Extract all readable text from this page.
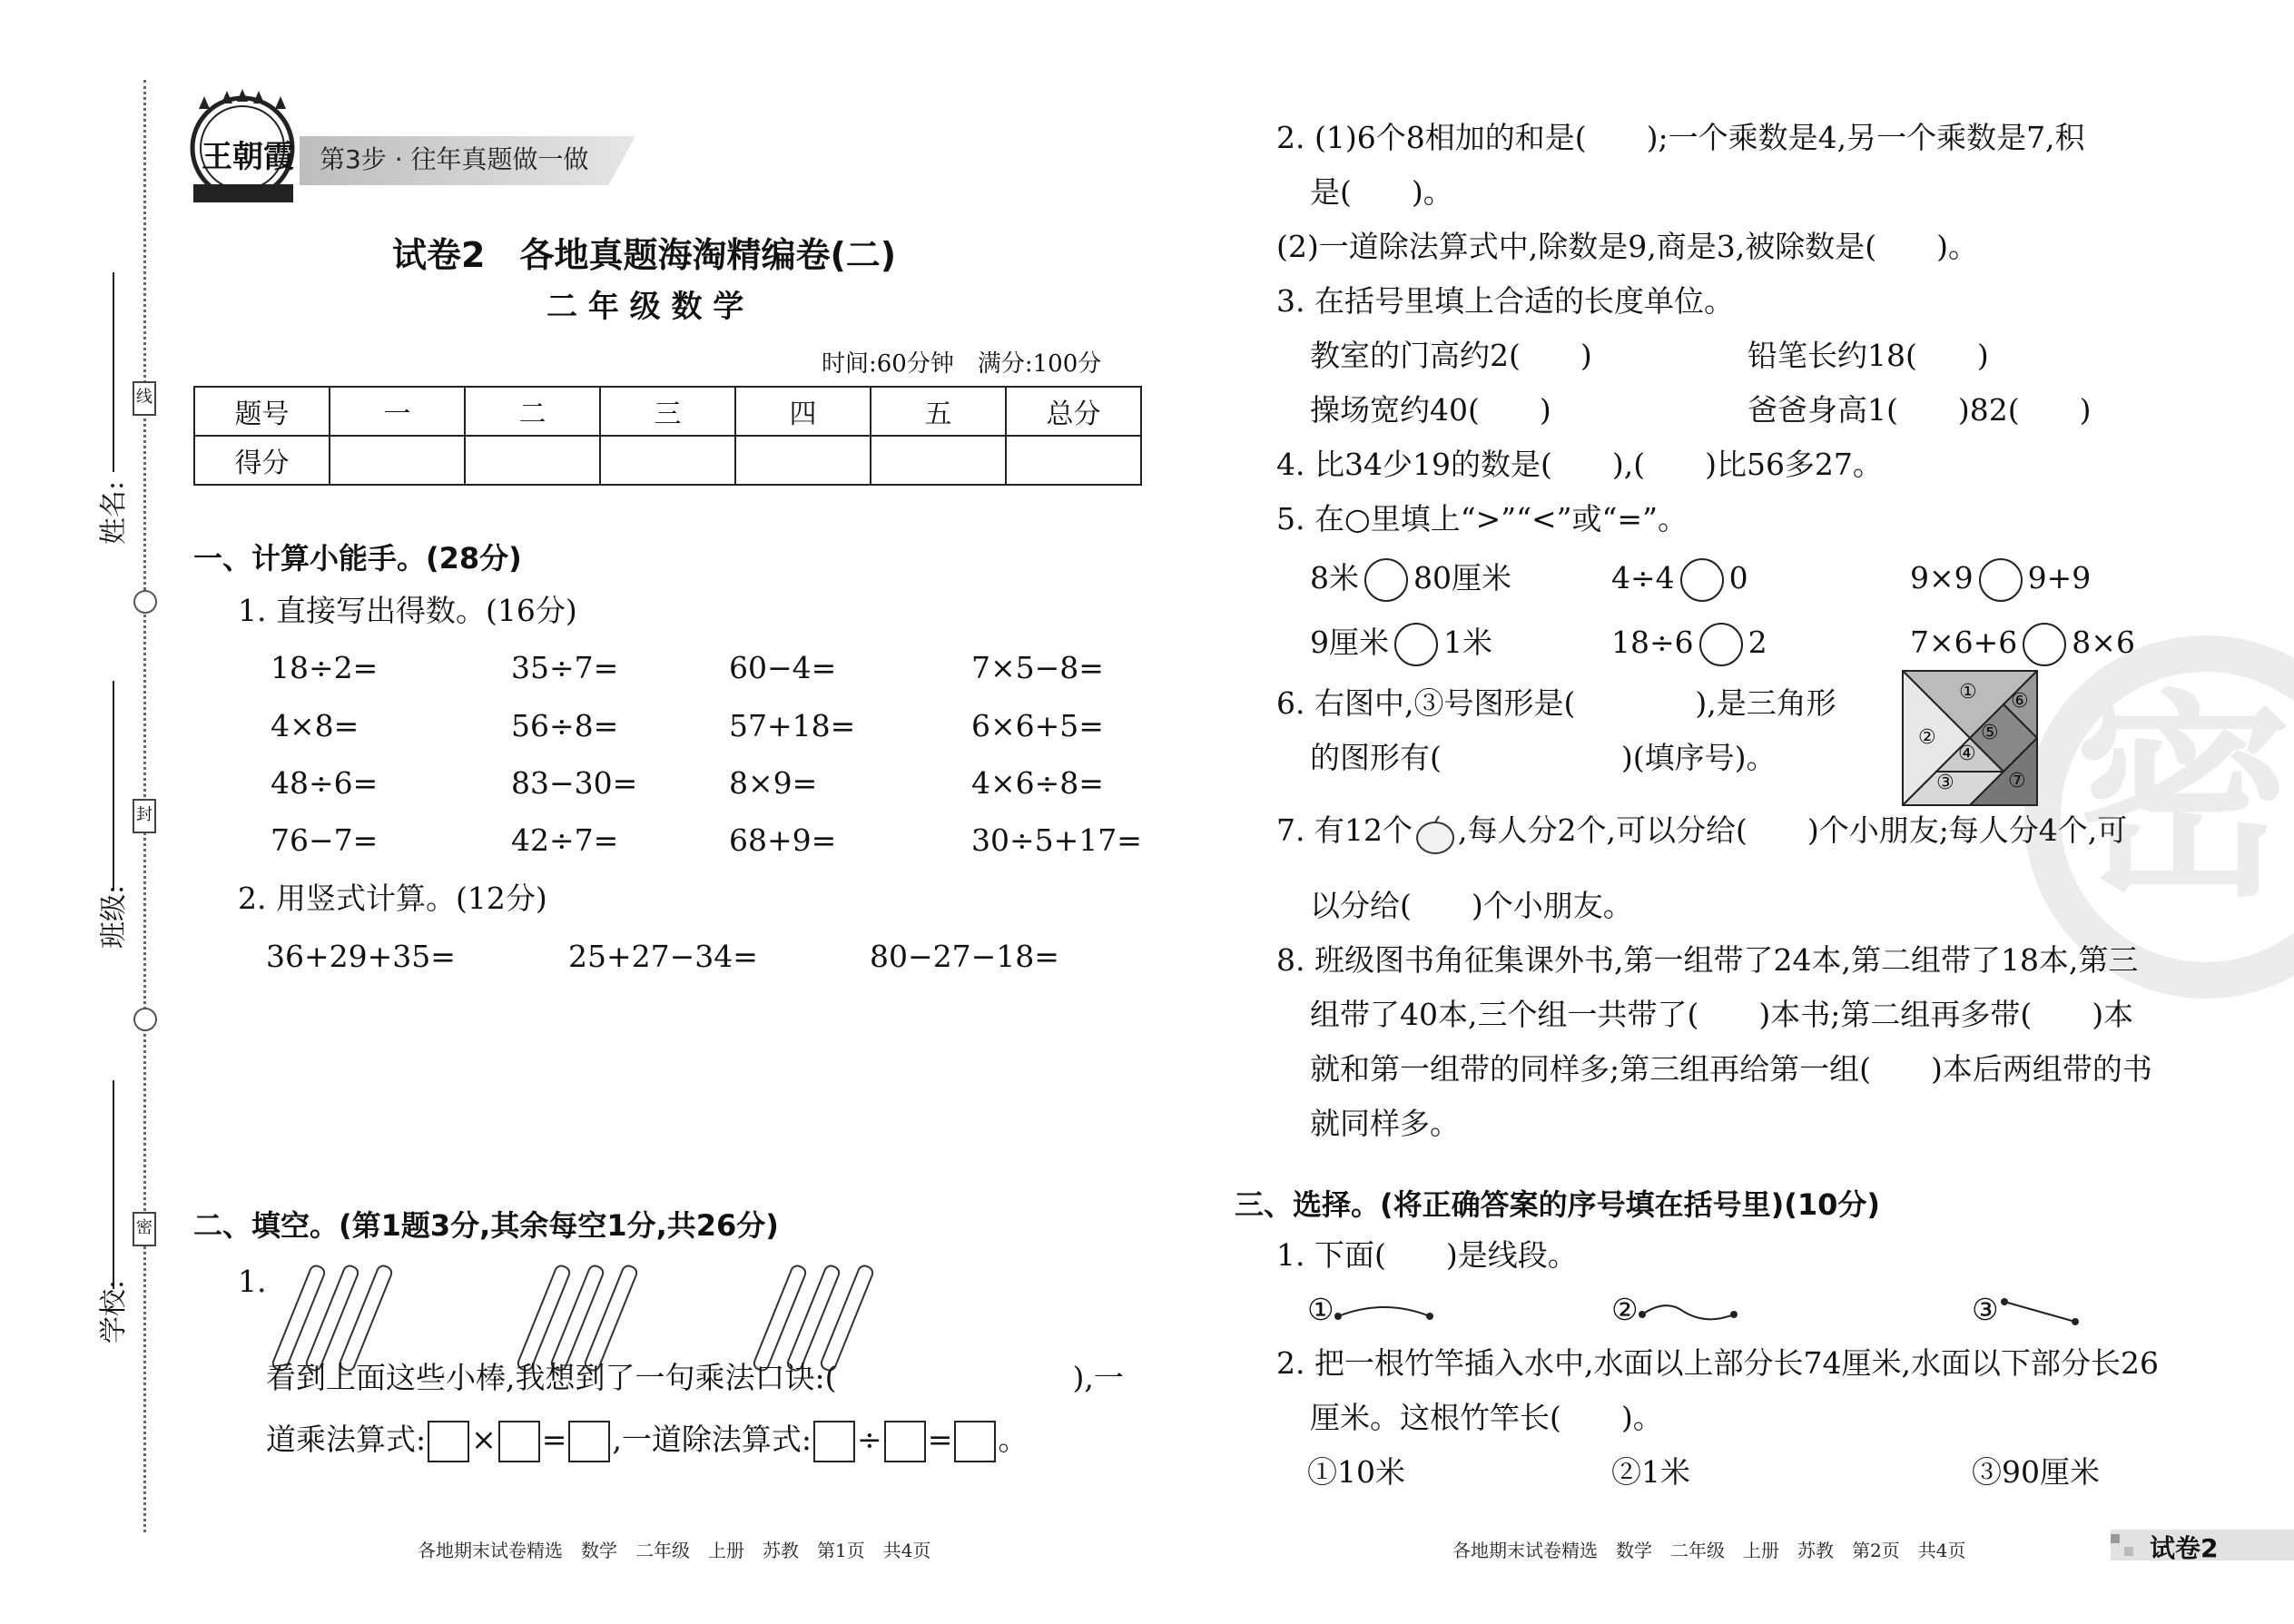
线
封
密
姓名:
班级:
学校:
王朝霞 第3步 · 往年真题做一做
试卷2　各地真题海淘精编卷(二)
二 年 级 数 学
时间:60分钟　满分:100分
题号	一	二	三	四	五	总分
得分						
一、计算小能手。(28分)
1. 直接写出得数。(16分)
18÷2=	35÷7=	60−4=	7×5−8=
4×8=	56÷8=	57+18=	6×6+5=
48÷6=	83−30=	8×9=	4×6÷8=
76−7=	42÷7=	68+9=	30÷5+17=
2. 用竖式计算。(12分)
36+29+35=	25+27−34=	80−27−18=
二、填空。(第1题3分,其余每空1分,共26分)
1.
看到上面这些小棒,我想到了一句乘法口诀:(	),一
道乘法算式: × = ,一道除法算式: ÷ = 。
各地期末试卷精选　数学　二年级　上册　苏教　第1页　共4页
密
2. (1)6个8相加的和是(　　);一个乘数是4,另一个乘数是7,积
是(　　)。
(2)一道除法算式中,除数是9,商是3,被除数是(　　)。
3. 在括号里填上合适的长度单位。
教室的门高约2(　　)	铅笔长约18(　　)
操场宽约40(　　)	爸爸身高1(　　)82(　　)
4. 比34少19的数是(　　),(　　)比56多27。
5. 在○里填上“>”“<”或“=”。
8米 80厘米	4÷4 0	9×9 9+9
9厘米 1米	18÷6 2	7×6+6 8×6
6. 右图中,③号图形是(　　　　),是三角形
的图形有(　　　　　　)(填序号)。
①
②
③
④
⑤
⑥
⑦
7. 有12个 ,每人分2个,可以分给(　　)个小朋友;每人分4个,可
以分给(　　)个小朋友。
8. 班级图书角征集课外书,第一组带了24本,第二组带了18本,第三
组带了40本,三个组一共带了(　　)本书;第二组再多带(　　)本
就和第一组带的同样多;第三组再给第一组(　　)本后两组带的书
就同样多。
三、选择。(将正确答案的序号填在括号里)(10分)
1. 下面(　　)是线段。
①	②	③
2. 把一根竹竿插入水中,水面以上部分长74厘米,水面以下部分长26
厘米。这根竹竿长(　　)。
①10米	②1米	③90厘米
各地期末试卷精选　数学　二年级　上册　苏教　第2页　共4页	试卷2
